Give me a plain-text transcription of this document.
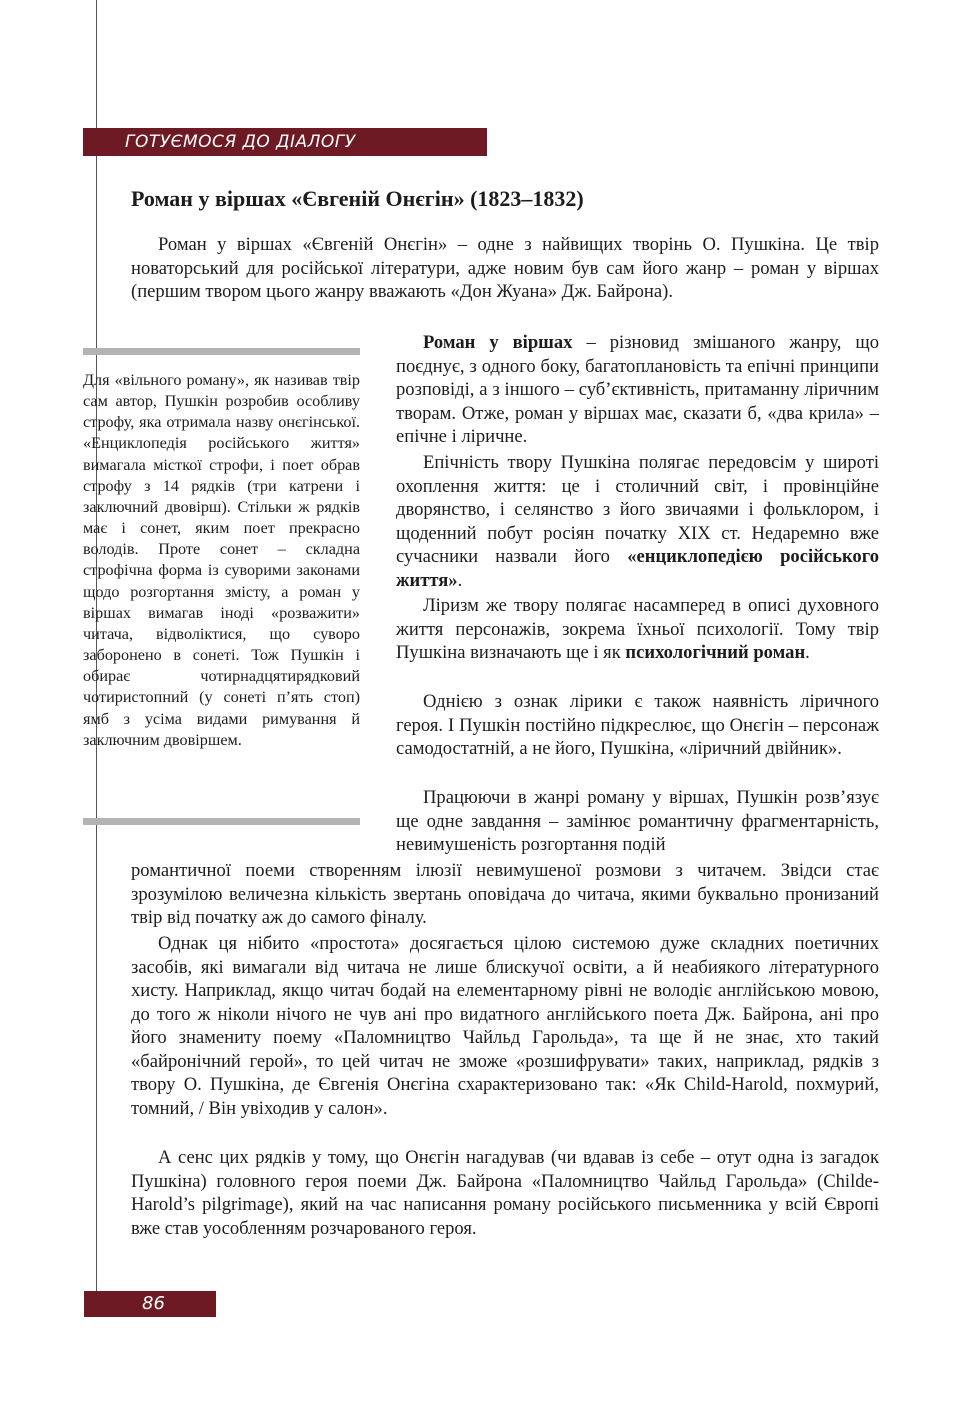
ГОТУЄМОСЯ ДО ДІАЛОГУ
Роман у віршах «Євгеній Онєгін» (1823–1832)

Роман у віршах «Євгеній Онєгін» – одне з найвищих творінь О. Пушкіна. Це твір новаторський для російської літератури, адже новим був сам його жанр – роман у віршах (першим твором цього жанру вважають «Дон Жуана» Дж. Байрона).

Для «вільного роману», як називав твір сам автор, Пушкін розробив особливу строфу, яка отримала назву онєгінської. «Енциклопедія російського життя» вимагала місткої строфи, і поет обрав строфу з 14 рядків (три катрени і заключний двовірш). Стільки ж рядків має і сонет, яким поет прекрасно володів. Проте сонет – складна строфічна форма із суворими законами щодо розгортання змісту, а роман у віршах вимагав іноді «розважити» читача, відволіктися, що суворо заборонено в сонеті. Тож Пушкін і обирає чотирнадцятирядковий чотиристопний (у сонеті п’ять стоп) ямб з усіма видами римування й заключним двовіршем.

Роман у віршах – різновид змішаного жанру, що поєднує, з одного боку, багатоплановість та епічні принципи розповіді, а з іншого – суб’єктивність, притаманну ліричним творам. Отже, роман у віршах має, сказати б, «два крила» – епічне і ліричне.

Епічність твору Пушкіна полягає передовсім у широті охоплення життя: це і столичний світ, і провінційне дворянство, і селянство з його звичаями і фольклором, і щоденний побут росіян початку XIX ст. Недаремно вже сучасники назвали його «енциклопедією російського життя».

Ліризм же твору полягає насамперед в описі духовного життя персонажів, зокрема їхньої психології. Тому твір Пушкіна визначають ще і як психологічний роман.

Однією з ознак лірики є також наявність ліричного героя. І Пушкін постійно підкреслює, що Онєгін – персонаж самодостатній, а не його, Пушкіна, «ліричний двійник».

Працюючи в жанрі роману у віршах, Пушкін розв’язує ще одне завдання – замінює романтичну фрагментарність, невимушеність розгортання подій

романтичної поеми створенням ілюзії невимушеної розмови з читачем. Звідси стає зрозумілою величезна кількість звертань оповідача до читача, якими буквально пронизаний твір від початку аж до самого фіналу.

Однак ця нібито «простота» досягається цілою системою дуже складних поетичних засобів, які вимагали від читача не лише блискучої освіти, а й неабиякого літературного хисту. Наприклад, якщо читач бодай на елементарному рівні не володіє англійською мовою, до того ж ніколи нічого не чув ані про видатного англійського поета Дж. Байрона, ані про його знамениту поему «Паломництво Чайльд Гарольда», та ще й не знає, хто такий «байронічний герой», то цей читач не зможе «розшифрувати» таких, наприклад, рядків з твору О. Пушкіна, де Євгенія Онєгіна схарактеризовано так: «Як Child-Harold, похмурий, томний, / Він увіходив у салон».

А сенс цих рядків у тому, що Онєгін нагадував (чи вдавав із себе – отут одна із загадок Пушкіна) головного героя поеми Дж. Байрона «Паломництво Чайльд Гарольда» (Childe-Harold’s pilgrimage), який на час написання роману російського письменника у всій Європі вже став уособленням розчарованого героя.

86
